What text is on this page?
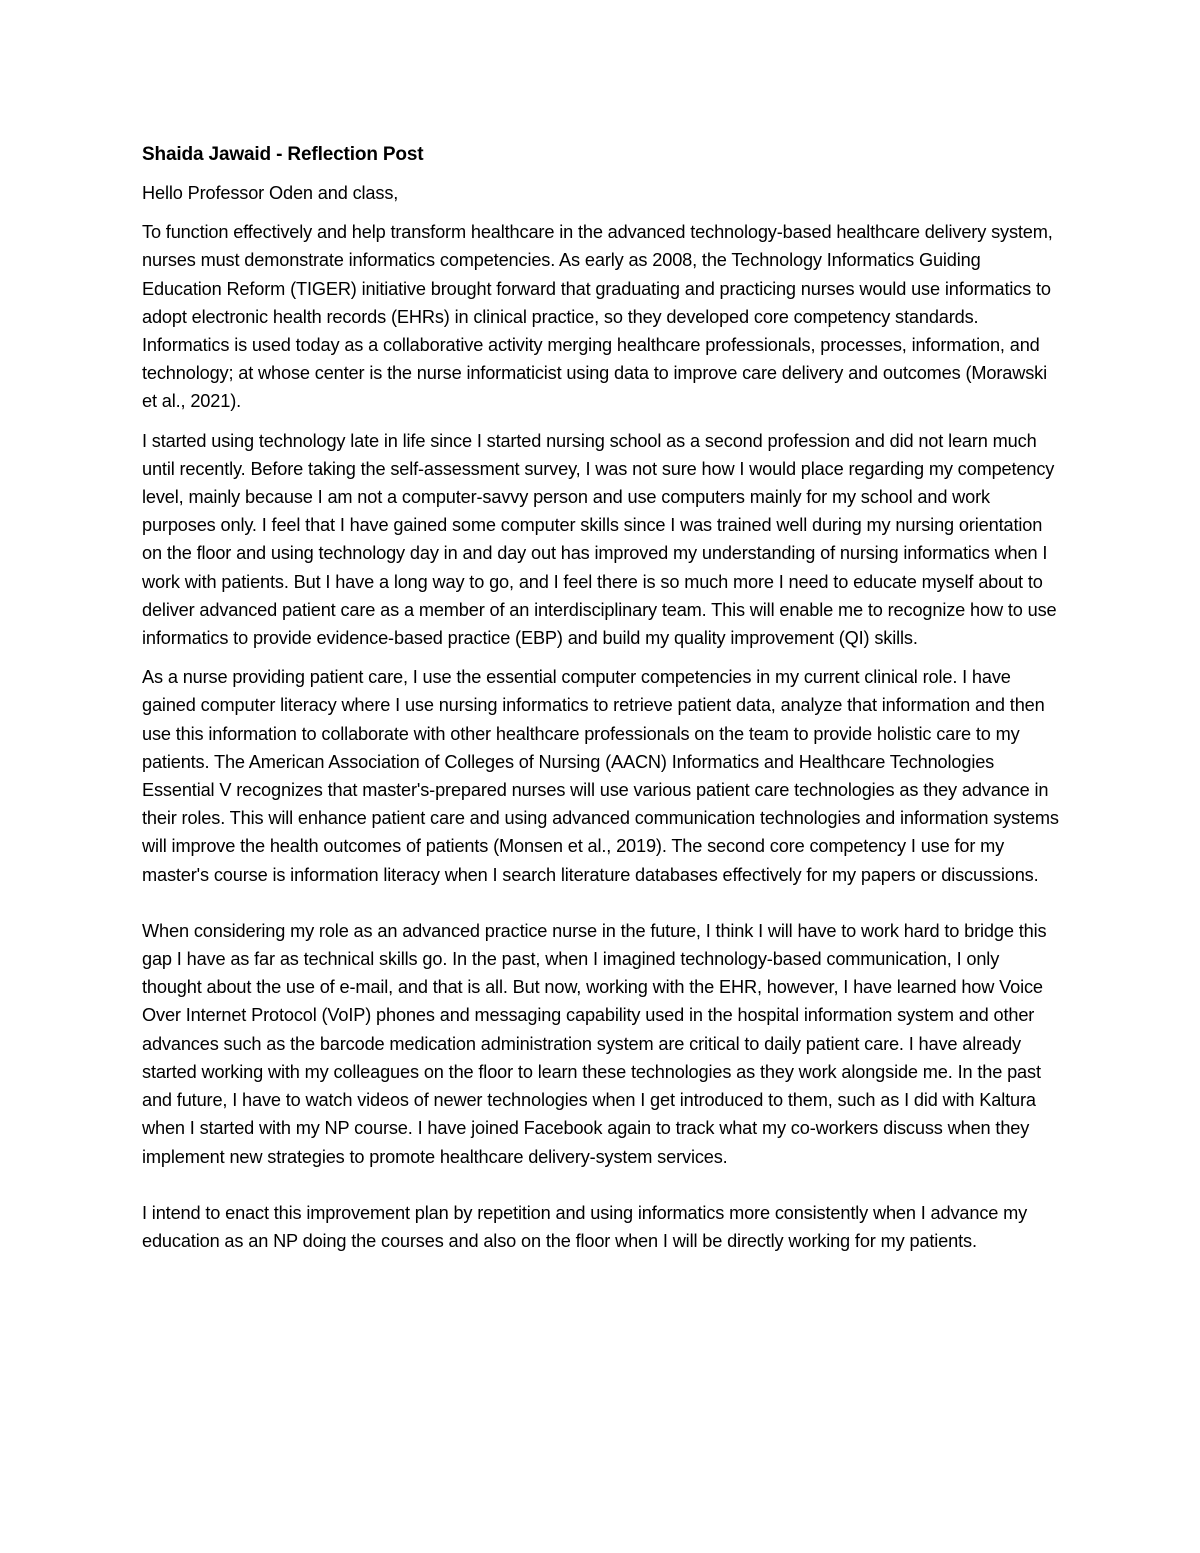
Shaida Jawaid - Reflection Post
Hello Professor Oden and class,
To function effectively and help transform healthcare in the advanced technology-based healthcare delivery system, nurses must demonstrate informatics competencies. As early as 2008, the Technology Informatics Guiding Education Reform (TIGER) initiative brought forward that graduating and practicing nurses would use informatics to adopt electronic health records (EHRs) in clinical practice, so they developed core competency standards. Informatics is used today as a collaborative activity merging healthcare professionals, processes, information, and technology; at whose center is the nurse informaticist using data to improve care delivery and outcomes (Morawski et al., 2021).
I started using technology late in life since I started nursing school as a second profession and did not learn much until recently. Before taking the self-assessment survey, I was not sure how I would place regarding my competency level, mainly because I am not a computer-savvy person and use computers mainly for my school and work purposes only. I feel that I have gained some computer skills since I was trained well during my nursing orientation on the floor and using technology day in and day out has improved my understanding of nursing informatics when I work with patients. But I have a long way to go, and I feel there is so much more I need to educate myself about to deliver advanced patient care as a member of an interdisciplinary team. This will enable me to recognize how to use informatics to provide evidence-based practice (EBP) and build my quality improvement (QI) skills.
As a nurse providing patient care, I use the essential computer competencies in my current clinical role. I have gained computer literacy where I use nursing informatics to retrieve patient data, analyze that information and then use this information to collaborate with other healthcare professionals on the team to provide holistic care to my patients. The American Association of Colleges of Nursing (AACN) Informatics and Healthcare Technologies Essential V recognizes that master's-prepared nurses will use various patient care technologies as they advance in their roles. This will enhance patient care and using advanced communication technologies and information systems will improve the health outcomes of patients (Monsen et al., 2019). The second core competency I use for my master's course is information literacy when I search literature databases effectively for my papers or discussions.
When considering my role as an advanced practice nurse in the future, I think I will have to work hard to bridge this gap I have as far as technical skills go. In the past, when I imagined technology-based communication, I only thought about the use of e-mail, and that is all. But now, working with the EHR, however, I have learned how Voice Over Internet Protocol (VoIP) phones and messaging capability used in the hospital information system and other advances such as the barcode medication administration system are critical to daily patient care. I have already started working with my colleagues on the floor to learn these technologies as they work alongside me. In the past and future, I have to watch videos of newer technologies when I get introduced to them, such as I did with Kaltura when I started with my NP course. I have joined Facebook again to track what my co-workers discuss when they implement new strategies to promote healthcare delivery-system services.
I intend to enact this improvement plan by repetition and using informatics more consistently when I advance my education as an NP doing the courses and also on the floor when I will be directly working for my patients.
